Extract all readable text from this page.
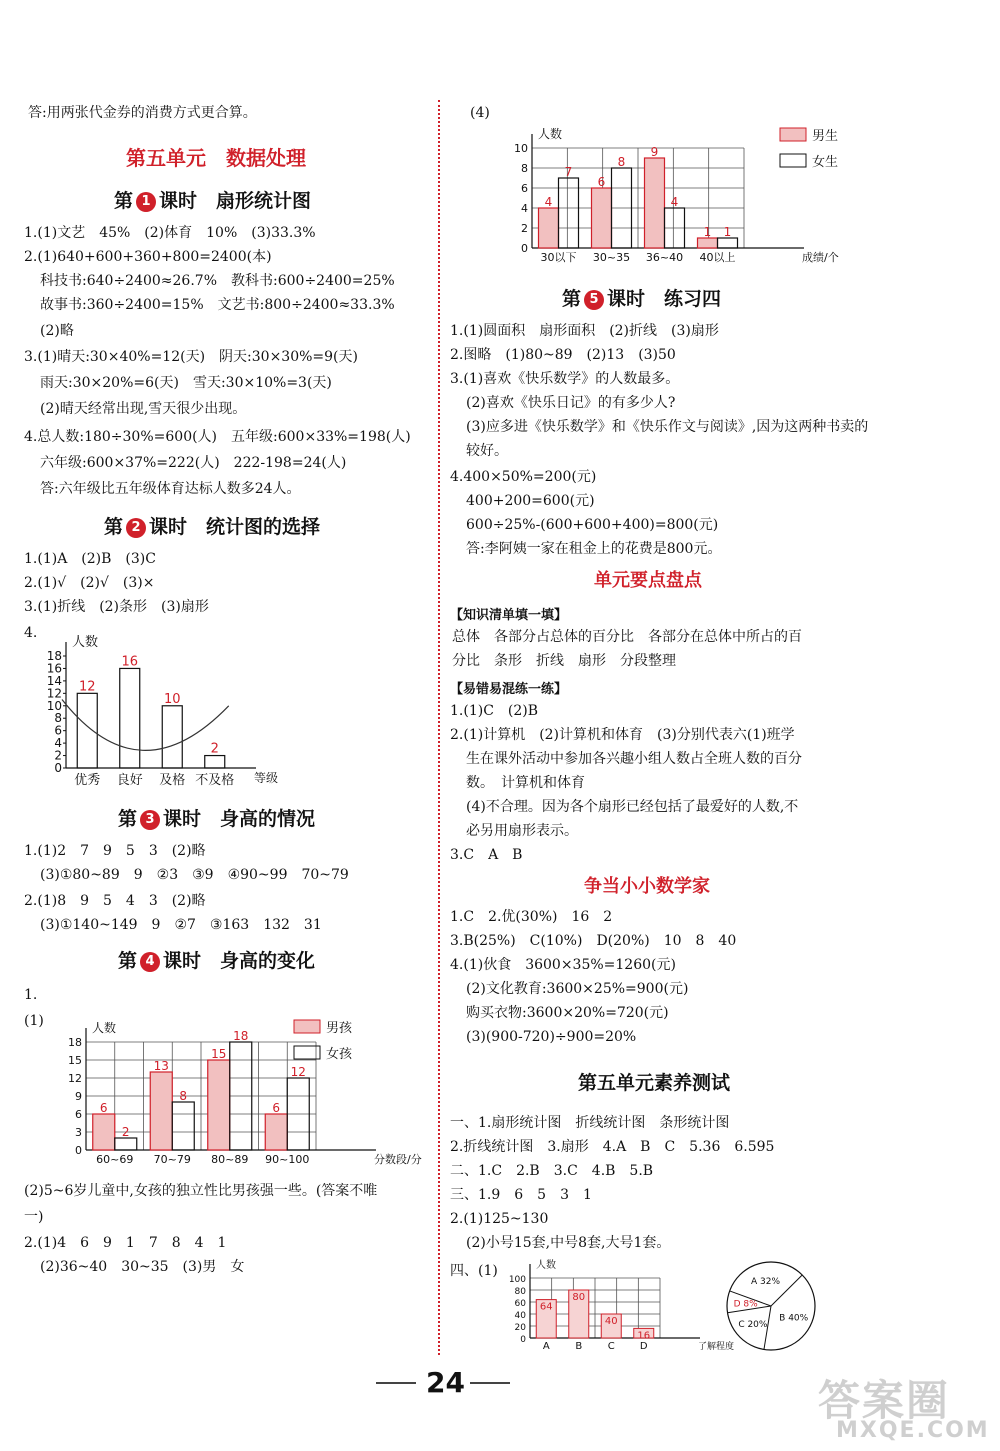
答:用两张代金券的消费方式更合算。
第五单元　数据处理
第 1 课时　扇形统计图
1.(1)文艺　45%　(2)体育　10%　(3)33.3%
2.(1)640+600+360+800=2400(本)
科技书:640÷2400≈26.7%　教科书:600÷2400=25%
故事书:360÷2400=15%　文艺书:800÷2400≈33.3%
(2)略
3.(1)晴天:30×40%=12(天)　阴天:30×30%=9(天)
雨天:30×20%=6(天)　雪天:30×10%=3(天)
(2)晴天经常出现,雪天很少出现。
4.总人数:180÷30%=600(人)　五年级:600×33%=198(人)
六年级:600×37%=222(人)　222-198=24(人)
答:六年级比五年级体育达标人数多24人。
第 2 课时　统计图的选择
1.(1)A　(2)B　(3)C
2.(1)√　(2)√　(3)×
3.(1)折线　(2)条形　(3)扇形
4.
0
2
4
6
8
10
12
14
16
18
人数
等级
12
优秀
16
良好
10
及格
2
不及格
第 3 课时　身高的情况
1.(1)2　7　9　5　3　(2)略
(3)①80~89　9　②3　③9　④90~99　70~79
2.(1)8　9　5　4　3　(2)略
(3)①140~149　9　②7　③163　132　31
第 4 课时　身高的变化
1.
(1)
0
3
6
9
12
15
18
人数
分数段/分
6
2
60~69
13
8
70~79
15
18
80~89
6
12
90~100
男孩
女孩
(2)5~6岁儿童中,女孩的独立性比男孩强一些。(答案不唯
一)
2.(1)4　6　9　1　7　8　4　1
(2)36~40　30~35　(3)男　女
(4)
0
2
4
6
8
10
人数
成绩/个
4
7
30以下
6
8
30~35
9
4
36~40
1 1
40以上
男生
女生
第 5 课时　练习四
1.(1)圆面积　扇形面积　(2)折线　(3)扇形
2.图略　(1)80~89　(2)13　(3)50
3.(1)喜欢《快乐数学》的人数最多。
(2)喜欢《快乐日记》的有多少人?
(3)应多进《快乐数学》和《快乐作文与阅读》,因为这两种书卖的
较好。
4.400×50%=200(元)
400+200=600(元)
600÷25%-(600+600+400)=800(元)
答:李阿姨一家在租金上的花费是800元。
单元要点盘点
【知识清单填一填】
总体　各部分占总体的百分比　各部分在总体中所占的百
分比　条形　折线　扇形　分段整理
【易错易混练一练】
1.(1)C　(2)B
2.(1)计算机　(2)计算机和体育　(3)分别代表六(1)班学
生在课外活动中参加各兴趣小组人数占全班人数的百分
数。　计算机和体育
(4)不合理。因为各个扇形已经包括了最爱好的人数,不
必另用扇形表示。
3.C　A　B
争当小小数学家
1.C　2.优(30%)　16　2
3.B(25%)　C(10%)　D(20%)　10　8　40
4.(1)伙食　3600×35%=1260(元)
(2)文化教育:3600×25%=900(元)
购买衣物:3600×20%=720(元)
(3)(900-720)÷900=20%
第五单元素养测试
一、1.扇形统计图　折线统计图　条形统计图
2.折线统计图　3.扇形　4.A　B　C　5.36　6.595
二、1.C　2.B　3.C　4.B　5.B
三、1.9　6　5　3　1
2.(1)125~130
(2)小号15套,中号8套,大号1套。
四、(1)
0
20
40
60
80
100
人数
了解程度
64
A
80
B
40
C
16
D
A 32%
B 40%
C 20%
D 8%
24	答案圈
MXQE.COM
